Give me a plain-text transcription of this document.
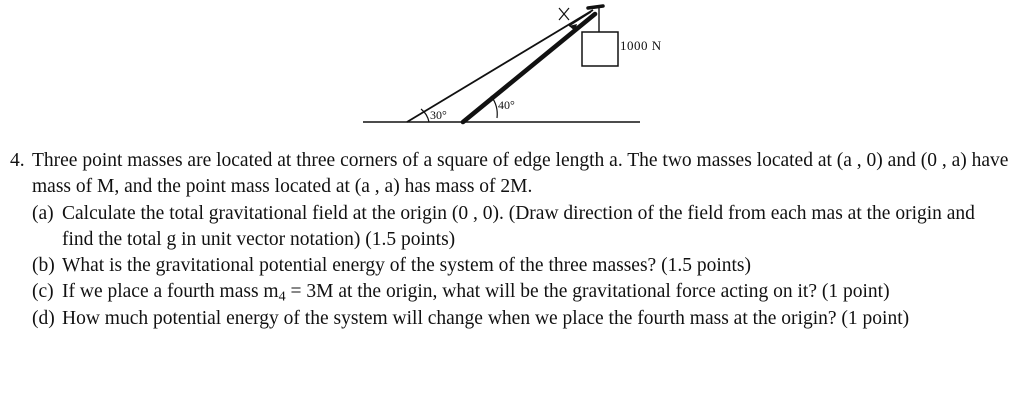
1000 N
30°
40°
4. Three point masses are located at three corners of a square of edge length a. The two masses located at (a , 0) and (0 , a) have mass of M, and the point mass located at (a , a) has mass of 2M.
(a) Calculate the total gravitational field at the origin (0 , 0). (Draw direction of the field from each mas at the origin and find the total g in unit vector notation) (1.5 points)
(b) What is the gravitational potential energy of the system of the three masses? (1.5 points)
(c) If we place a fourth mass $m_4 = 3M$ at the origin, what will be the gravitational force acting on it? (1 point)
(d) How much potential energy of the system will change when we place the fourth mass at the origin? (1 point)
